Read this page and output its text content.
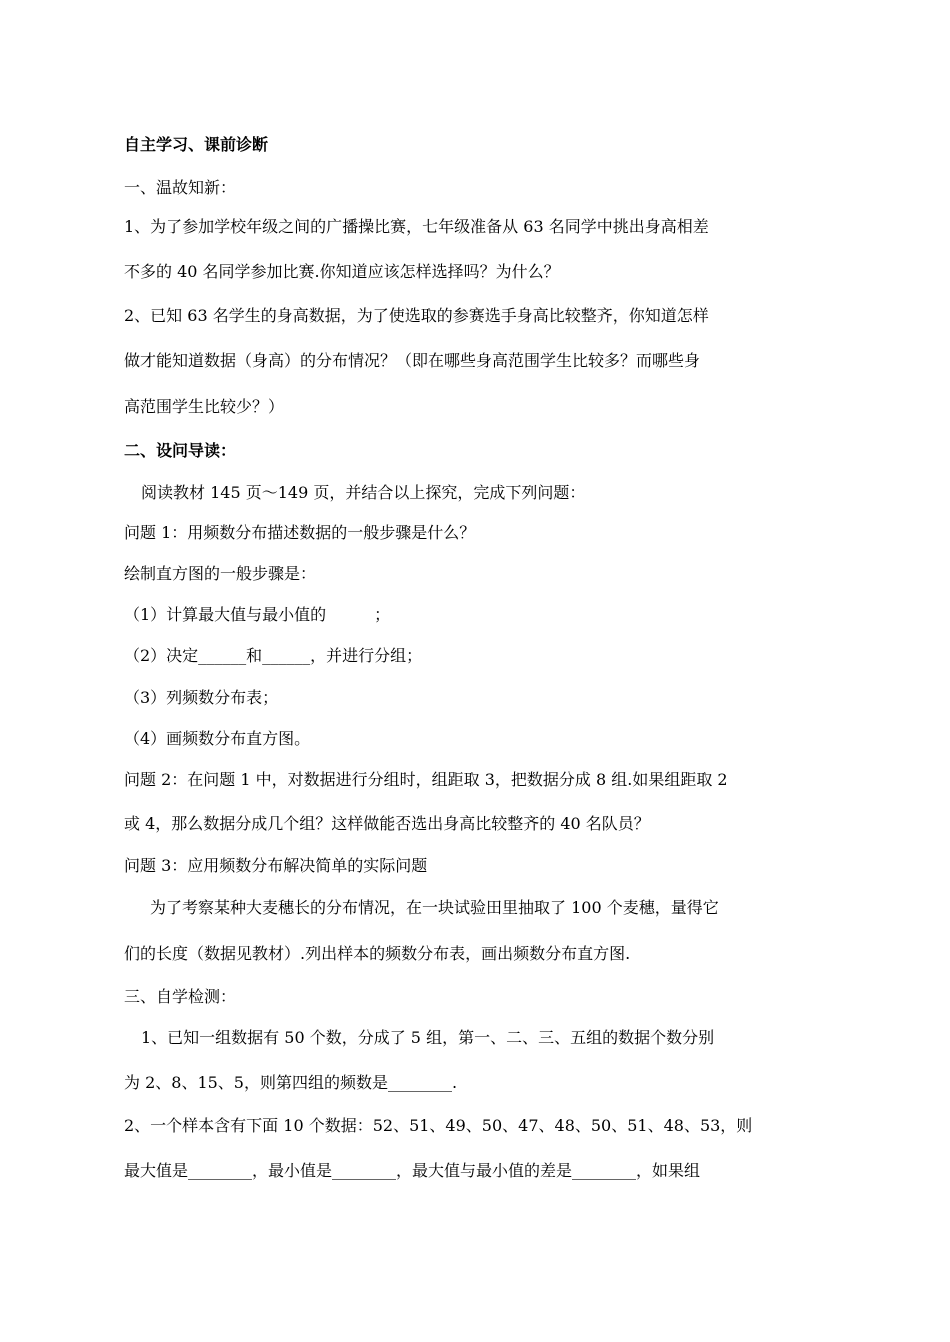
自主学习、课前诊断
一、温故知新：
1、为了参加学校年级之间的广播操比赛，七年级准备从 63 名同学中挑出身高相差
不多的 40 名同学参加比赛.你知道应该怎样选择吗？为什么？
2、已知 63 名学生的身高数据，为了使选取的参赛选手身高比较整齐，你知道怎样
做才能知道数据（身高）的分布情况？（即在哪些身高范围学生比较多？而哪些身
高范围学生比较少？）
二、设问导读：
阅读教材 145 页～149 页，并结合以上探究，完成下列问题：
问题 1：用频数分布描述数据的一般步骤是什么？
绘制直方图的一般步骤是：
（1）计算最大值与最小值的　　　；
（2）决定______和______，并进行分组；
（3）列频数分布表；
（4）画频数分布直方图。
问题 2：在问题 1 中，对数据进行分组时，组距取 3，把数据分成 8 组.如果组距取 2
或 4，那么数据分成几个组？这样做能否选出身高比较整齐的 40 名队员？
问题 3：应用频数分布解决简单的实际问题
为了考察某种大麦穗长的分布情况，在一块试验田里抽取了 100 个麦穗，量得它
们的长度（数据见教材）.列出样本的频数分布表，画出频数分布直方图.
三、自学检测：
1、已知一组数据有 50 个数，分成了 5 组，第一、二、三、五组的数据个数分别
为 2、8、15、5，则第四组的频数是________.
2、一个样本含有下面 10 个数据：52、51、49、50、47、48、50、51、48、53，则
最大值是________，最小值是________，最大值与最小值的差是________，如果组
